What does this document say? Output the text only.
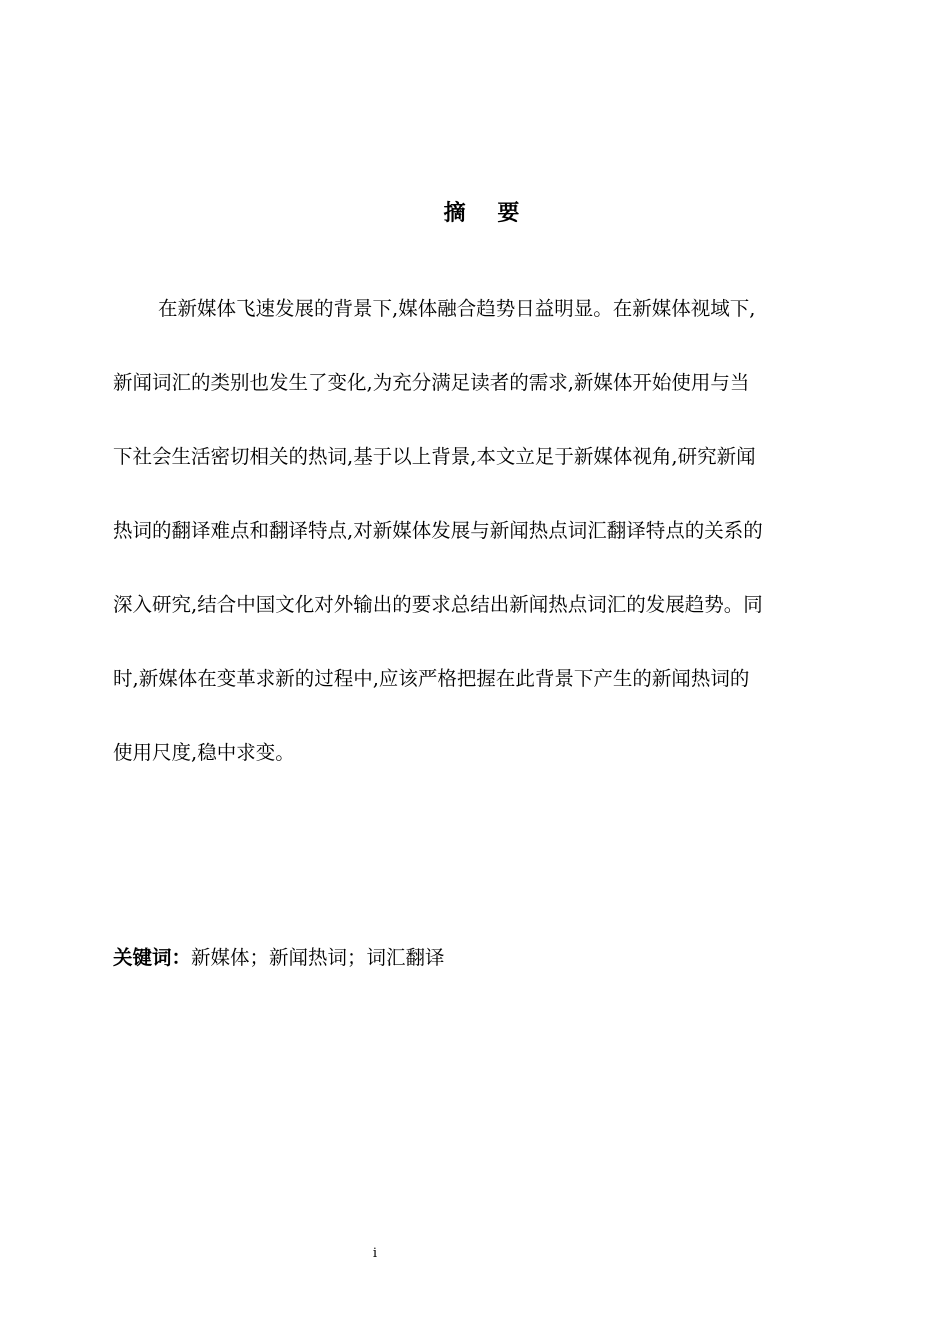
摘 要
在新媒体飞速发展的背景下,媒体融合趋势日益明显。在新媒体视域下,
新闻词汇的类别也发生了变化,为充分满足读者的需求,新媒体开始使用与当
下社会生活密切相关的热词,基于以上背景,本文立足于新媒体视角,研究新闻
热词的翻译难点和翻译特点,对新媒体发展与新闻热点词汇翻译特点的关系的
深入研究,结合中国文化对外输出的要求总结出新闻热点词汇的发展趋势。同
时,新媒体在变革求新的过程中,应该严格把握在此背景下产生的新闻热词的
使用尺度,稳中求变。
关键词：新媒体；新闻热词；词汇翻译
i
